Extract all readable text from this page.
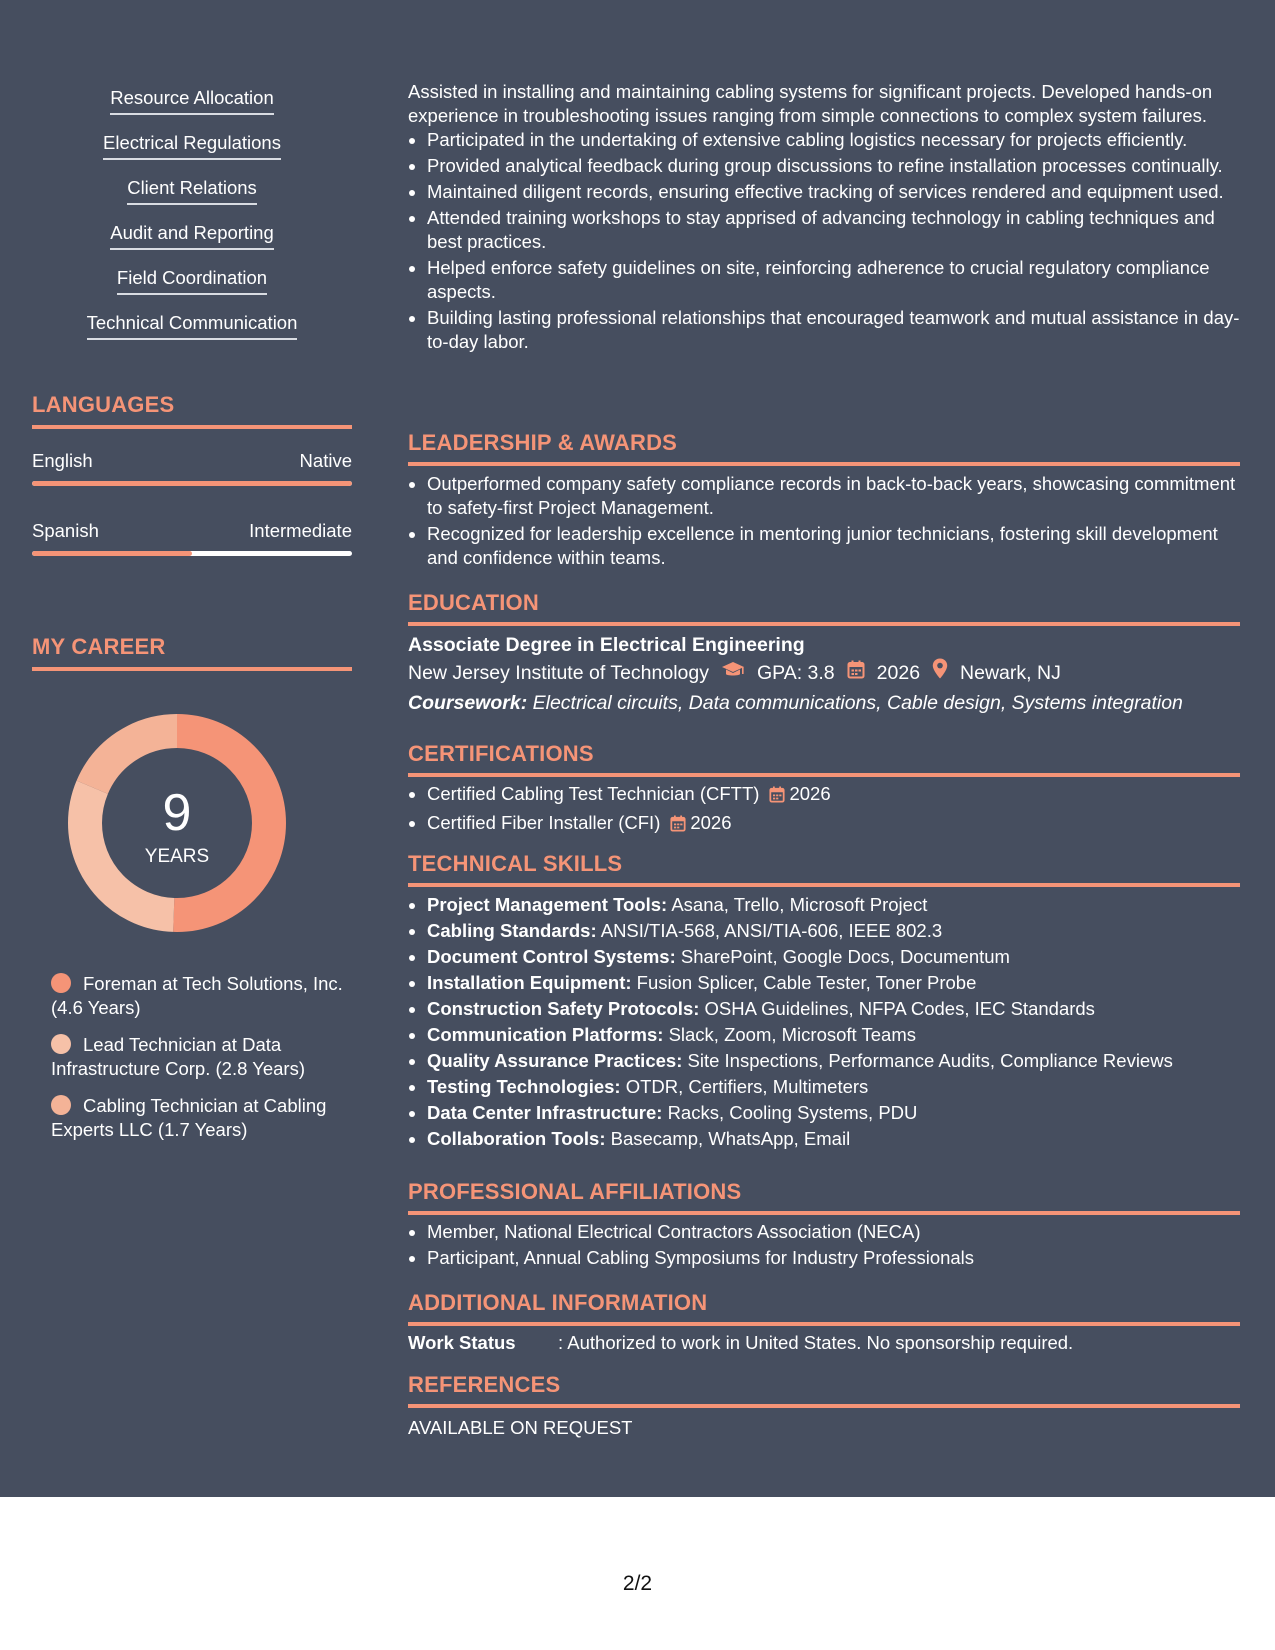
Resource Allocation
Electrical Regulations
Client Relations
Audit and Reporting
Field Coordination
Technical Communication
LANGUAGES
English	Native
Spanish	Intermediate
MY CAREER
9
YEARS
Foreman at Tech Solutions, Inc. (4.6 Years)
Lead Technician at Data Infrastructure Corp. (2.8 Years)
Cabling Technician at Cabling Experts LLC (1.7 Years)

Assisted in installing and maintaining cabling systems for significant projects. Developed hands-on experience in troubleshooting issues ranging from simple connections to complex system failures.

• Participated in the undertaking of extensive cabling logistics necessary for projects efficiently.
• Provided analytical feedback during group discussions to refine installation processes continually.
• Maintained diligent records, ensuring effective tracking of services rendered and equipment used.
• Attended training workshops to stay apprised of advancing technology in cabling techniques and best practices.
• Helped enforce safety guidelines on site, reinforcing adherence to crucial regulatory compliance aspects.
• Building lasting professional relationships that encouraged teamwork and mutual assistance in day-to-day labor.
LEADERSHIP & AWARDS
• Outperformed company safety compliance records in back-to-back years, showcasing commitment to safety-first Project Management.
• Recognized for leadership excellence in mentoring junior technicians, fostering skill development and confidence within teams.
EDUCATION
Associate Degree in Electrical Engineering
New Jersey Institute of Technology GPA: 3.8 2026 Newark, NJ
Coursework: Electrical circuits, Data communications, Cable design, Systems integration
CERTIFICATIONS
• Certified Cabling Test Technician (CFTT) 2026
• Certified Fiber Installer (CFI) 2026
TECHNICAL SKILLS
• Project Management Tools: Asana, Trello, Microsoft Project
• Cabling Standards: ANSI/TIA-568, ANSI/TIA-606, IEEE 802.3
• Document Control Systems: SharePoint, Google Docs, Documentum
• Installation Equipment: Fusion Splicer, Cable Tester, Toner Probe
• Construction Safety Protocols: OSHA Guidelines, NFPA Codes, IEC Standards
• Communication Platforms: Slack, Zoom, Microsoft Teams
• Quality Assurance Practices: Site Inspections, Performance Audits, Compliance Reviews
• Testing Technologies: OTDR, Certifiers, Multimeters
• Data Center Infrastructure: Racks, Cooling Systems, PDU
• Collaboration Tools: Basecamp, WhatsApp, Email
PROFESSIONAL AFFILIATIONS
• Member, National Electrical Contractors Association (NECA)
• Participant, Annual Cabling Symposiums for Industry Professionals
ADDITIONAL INFORMATION
Work Status : Authorized to work in United States. No sponsorship required.
REFERENCES
AVAILABLE ON REQUEST
2/2
